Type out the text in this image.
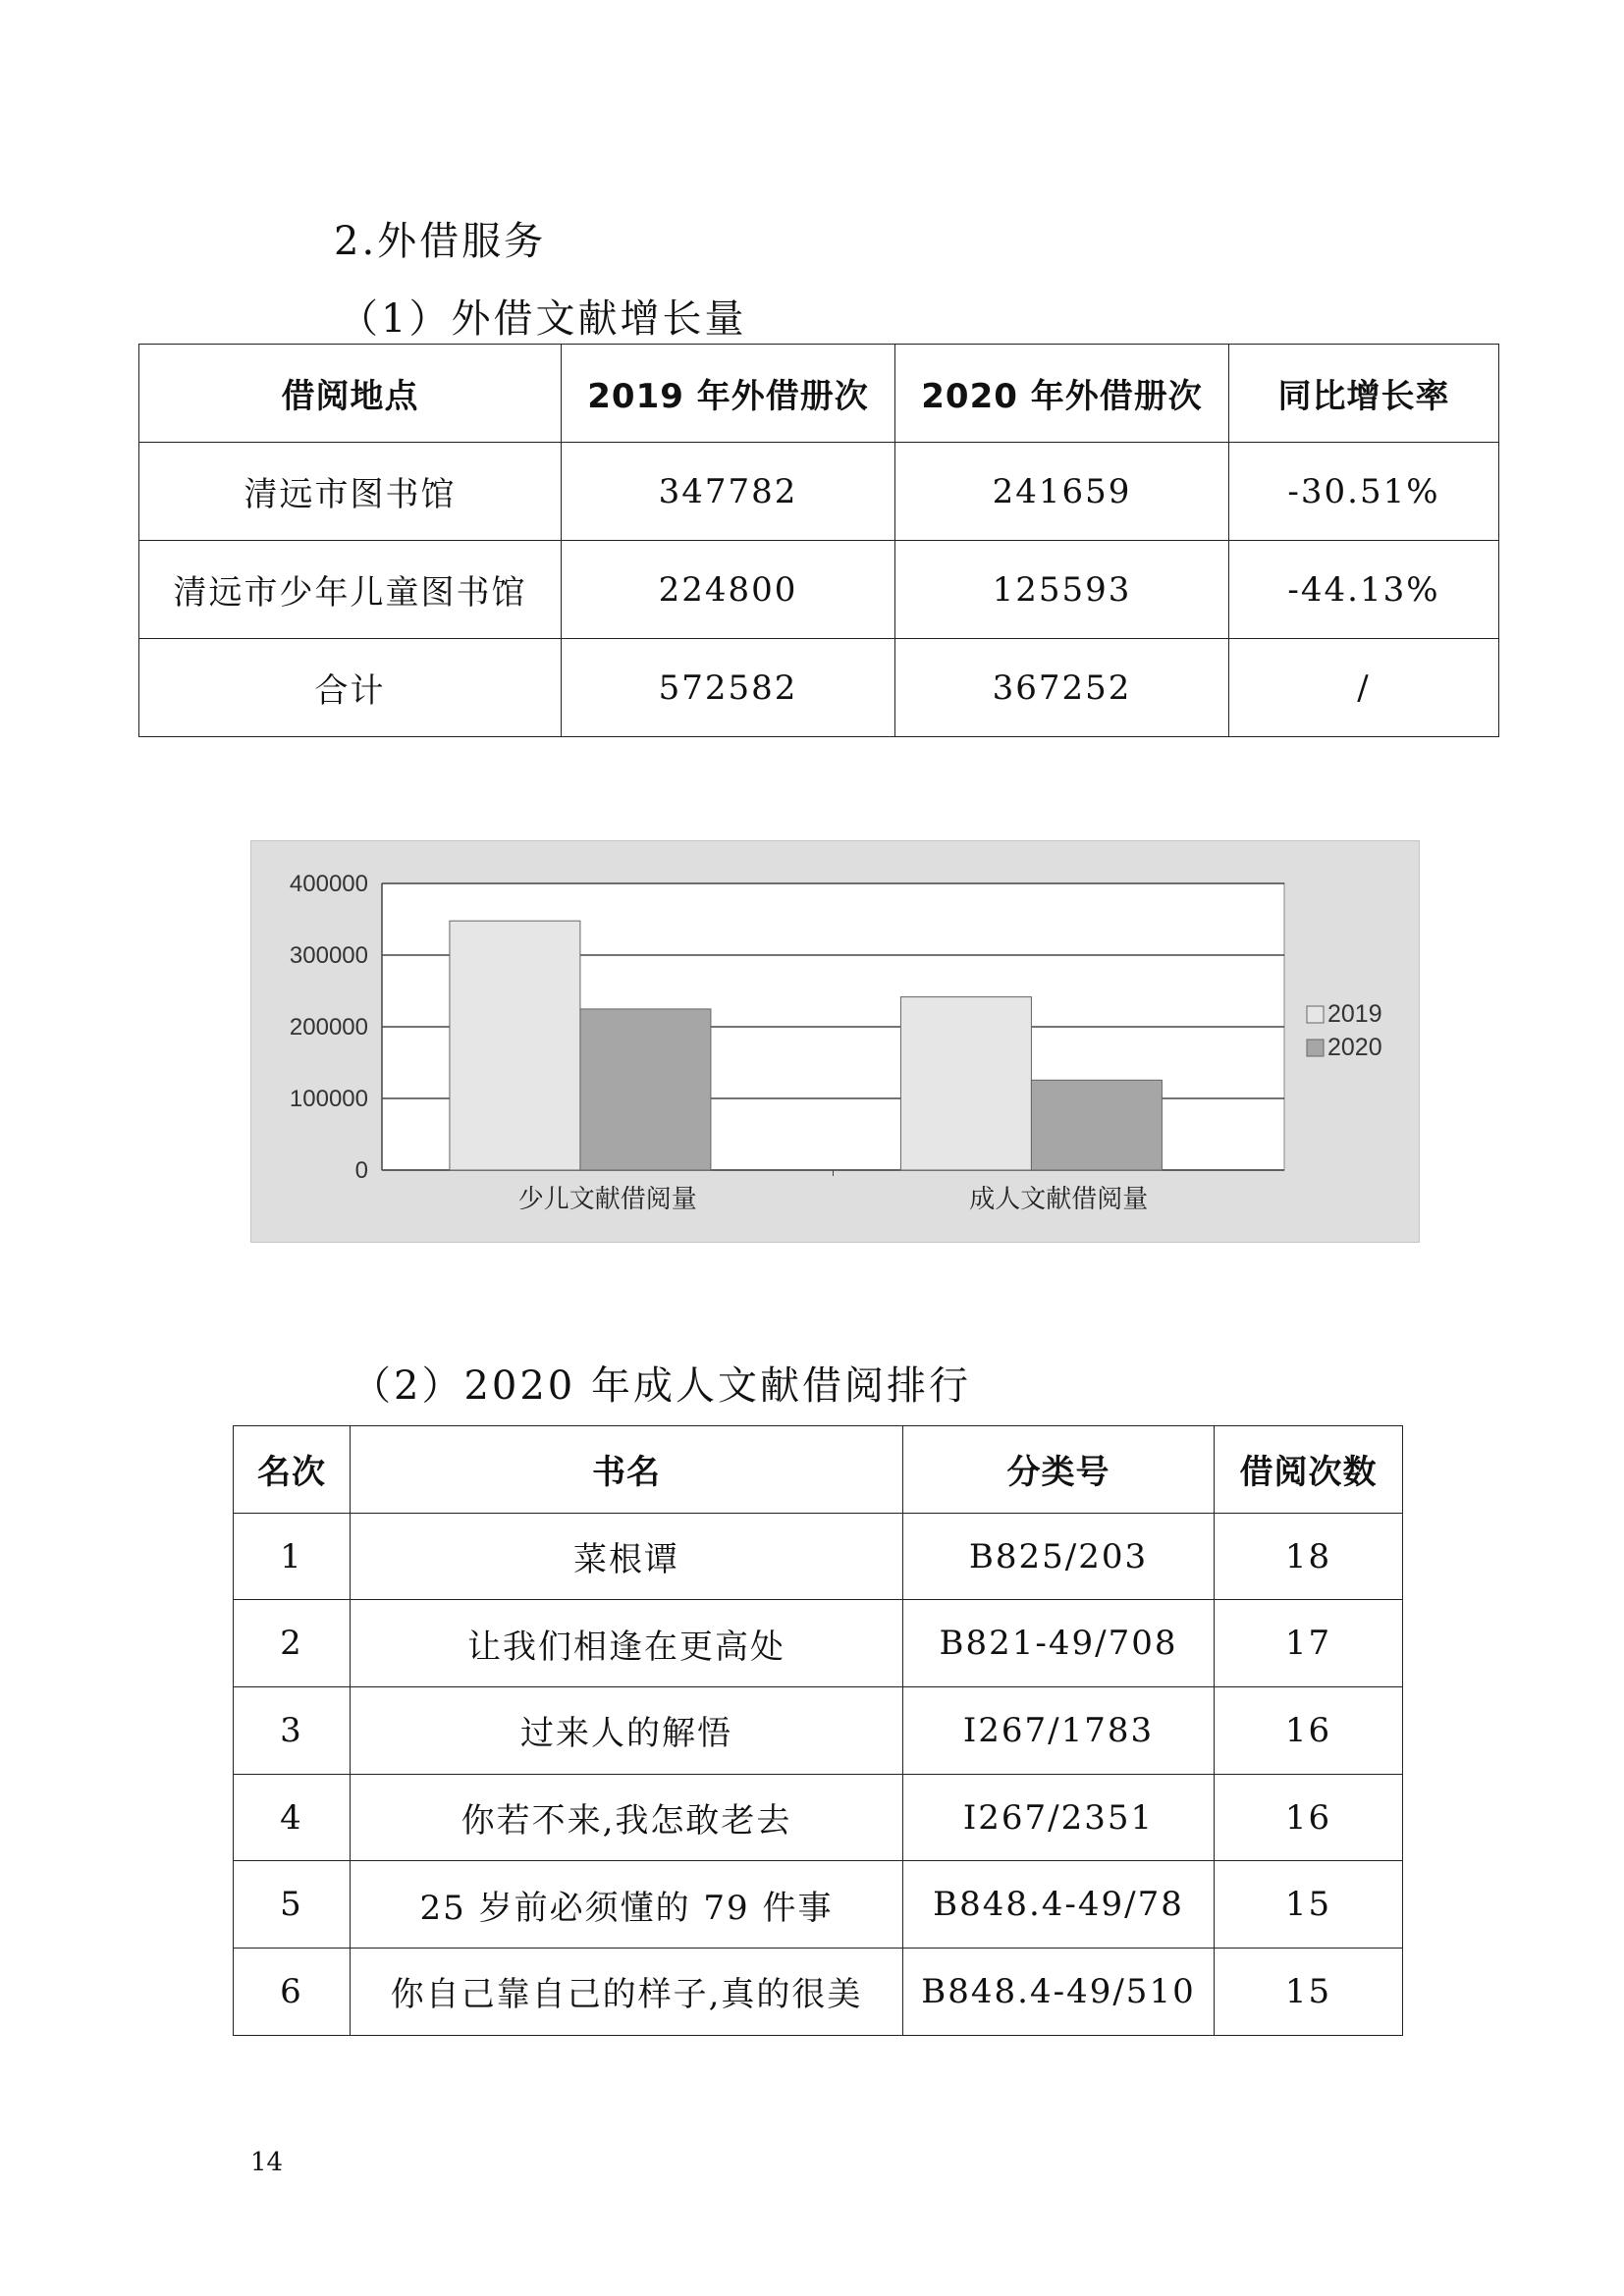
2.外借服务
（1）外借文献增长量
借阅地点	2019 年外借册次	2020 年外借册次	同比增长率
清远市图书馆	347782	241659	-30.51%
清远市少年儿童图书馆	224800	125593	-44.13%
合计	572582	367252	/
0
100000
200000
300000
400000
少儿文献借阅量	成人文献借阅量
2019
2020
（2）2020 年成人文献借阅排行
名次	书名	分类号	借阅次数
1	菜根谭	B825/203	18
2	让我们相逢在更高处	B821-49/708	17
3	过来人的解悟	I267/1783	16
4	你若不来,我怎敢老去	I267/2351	16
5	25 岁前必须懂的 79 件事	B848.4-49/78	15
6	你自己靠自己的样子,真的很美	B848.4-49/510	15
14
